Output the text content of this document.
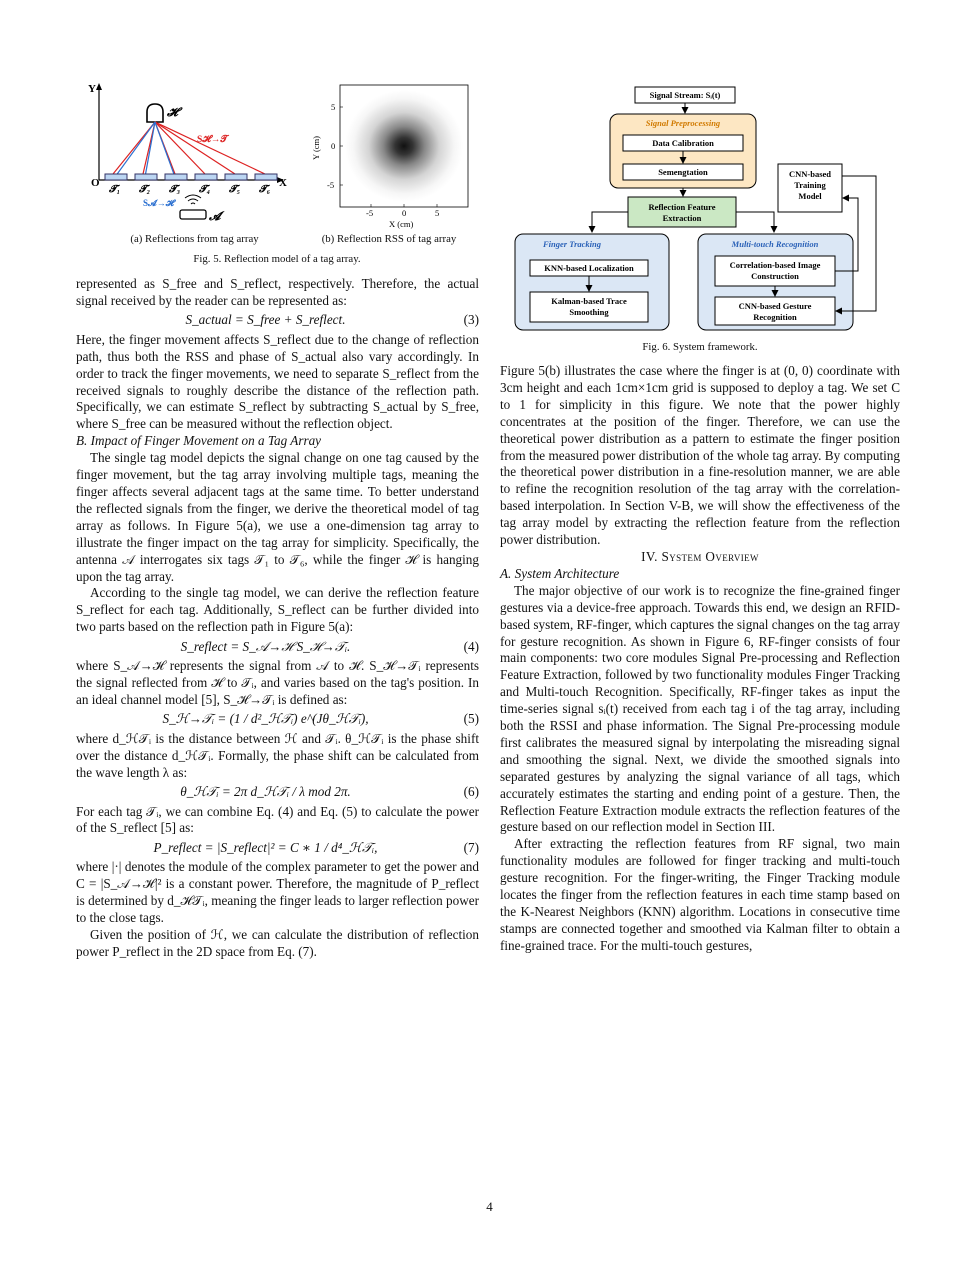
Y
X
O
𝓗
S𝓗→𝓣
𝓣₁ 𝓣₂ 𝓣₃ 𝓣₄ 𝓣₅ 𝓣₆
S𝓐→𝓗
𝓐
(a) Reflections from tag array
-5	0	5
5
0
-5
X (cm)
Y (cm)
(b) Reflection RSS of tag array
Fig. 5. Reflection model of a tag array.
Signal Stream: Sᵢ(t)
Signal Preprocessing
Data Calibration
Semengtation
Reflection Feature
Extraction
Finger Tracking
KNN-based Localization
Kalman-based Trace
Smoothing
Multi-touch Recognition
Correlation-based Image
Construction
CNN-based Gesture
Recognition
CNN-based
Training
Model
Fig. 6. System framework.

represented as S_free and S_reflect, respectively. Therefore, the actual signal received by the reader can be represented as:

S_actual = S_free + S_reflect.	(3)

Here, the finger movement affects S_reflect due to the change of reflection path, thus both the RSS and phase of S_actual also vary accordingly. In order to track the finger movements, we need to separate S_reflect from the received signals to roughly describe the distance of the reflection path. Specifically, we can estimate S_reflect by subtracting S_actual by S_free, where S_free can be measured without the reflection object.

B. Impact of Finger Movement on a Tag Array

The single tag model depicts the signal change on one tag caused by the finger movement, but the tag array involving multiple tags, meaning the finger affects several adjacent tags at the same time. To better understand the reflected signals from the finger, we derive the theoretical model of tag array as follows. In Figure 5(a), we use a one-dimension tag array to illustrate the finger impact on the tag array for simplicity. Specifically, the antenna 𝒜 interrogates six tags 𝒯₁ to 𝒯₆, while the finger ℋ is hanging upon the tag array.

According to the single tag model, we can derive the reflection feature S_reflect for each tag. Additionally, S_reflect can be further divided into two parts based on the reflection path in Figure 5(a):

S_reflect = S_𝒜→ℋ S_ℋ→𝒯ᵢ.	(4)

where S_𝒜→ℋ represents the signal from 𝒜 to ℋ. S_ℋ→𝒯ᵢ represents the signal reflected from ℋ to 𝒯ᵢ, and varies based on the tag's position. In an ideal channel model [5], S_ℋ→𝒯ᵢ is defined as:

S_ℋ→𝒯ᵢ = (1 / d²_ℋ𝒯ᵢ) e^(Jθ_ℋ𝒯ᵢ),	(5)

where d_ℋ𝒯ᵢ is the distance between ℋ and 𝒯ᵢ. θ_ℋ𝒯ᵢ is the phase shift over the distance d_ℋ𝒯ᵢ. Formally, the phase shift can be calculated from the wave length λ as:

θ_ℋ𝒯ᵢ = 2π d_ℋ𝒯ᵢ / λ mod 2π.	(6)

For each tag 𝒯ᵢ, we can combine Eq. (4) and Eq. (5) to calculate the power of the S_reflect [5] as:

P_reflect = |S_reflect|² = C ∗ 1 / d⁴_ℋ𝒯ᵢ,	(7)

where |·| denotes the module of the complex parameter to get the power and C = |S_𝒜→ℋ|² is a constant power. Therefore, the magnitude of P_reflect is determined by d_ℋ𝒯ᵢ, meaning the finger leads to larger reflection power to the close tags.

Given the position of ℋ, we can calculate the distribution of reflection power P_reflect in the 2D space from Eq. (7).

Figure 5(b) illustrates the case where the finger is at (0, 0) coordinate with 3cm height and each 1cm×1cm grid is supposed to deploy a tag. We set C to 1 for simplicity in this figure. We note that the power highly concentrates at the position of the finger. Therefore, we can use the theoretical power distribution as a pattern to estimate the finger position from the measured power distribution of the whole tag array. By computing the theoretical power distribution in a fine-resolution manner, we are able to refine the recognition resolution of the tag array with the correlation-based interpolation. In Section V-B, we will show the effectiveness of the tag array model by extracting the reflection feature from the reflection power distribution.

IV. System Overview

A. System Architecture

The major objective of our work is to recognize the fine-grained finger gestures via a device-free approach. Towards this end, we design an RFID-based system, RF-finger, which captures the signal changes on the tag array for gesture recognition. As shown in Figure 6, RF-finger consists of four main components: two core modules Signal Pre-processing and Reflection Feature Extraction, followed by two functionality modules Finger Tracking and Multi-touch Recognition. Specifically, RF-finger takes as input the time-series signal sᵢ(t) received from each tag i of the tag array, including both the RSSI and phase information. The Signal Pre-processing module first calibrates the measured signal by interpolating the misreading signal and smoothing the signal. Next, we divide the smoothed signals into separated gestures by analyzing the signal variance of all tags, which accurately estimates the starting and ending point of a gesture. Then, the Reflection Feature Extraction module extracts the reflection features of the gesture based on our reflection model in Section III.

After extracting the reflection features from RF signal, two main functionality modules are followed for finger tracking and multi-touch gesture recognition. For the finger-writing, the Finger Tracking module locates the finger from the reflection features in each time stamp based on the K-Nearest Neighbors (KNN) algorithm. Locations in consecutive time stamps are connected together and smoothed via Kalman filter to obtain a fine-grained trace. For the multi-touch gestures,

4
